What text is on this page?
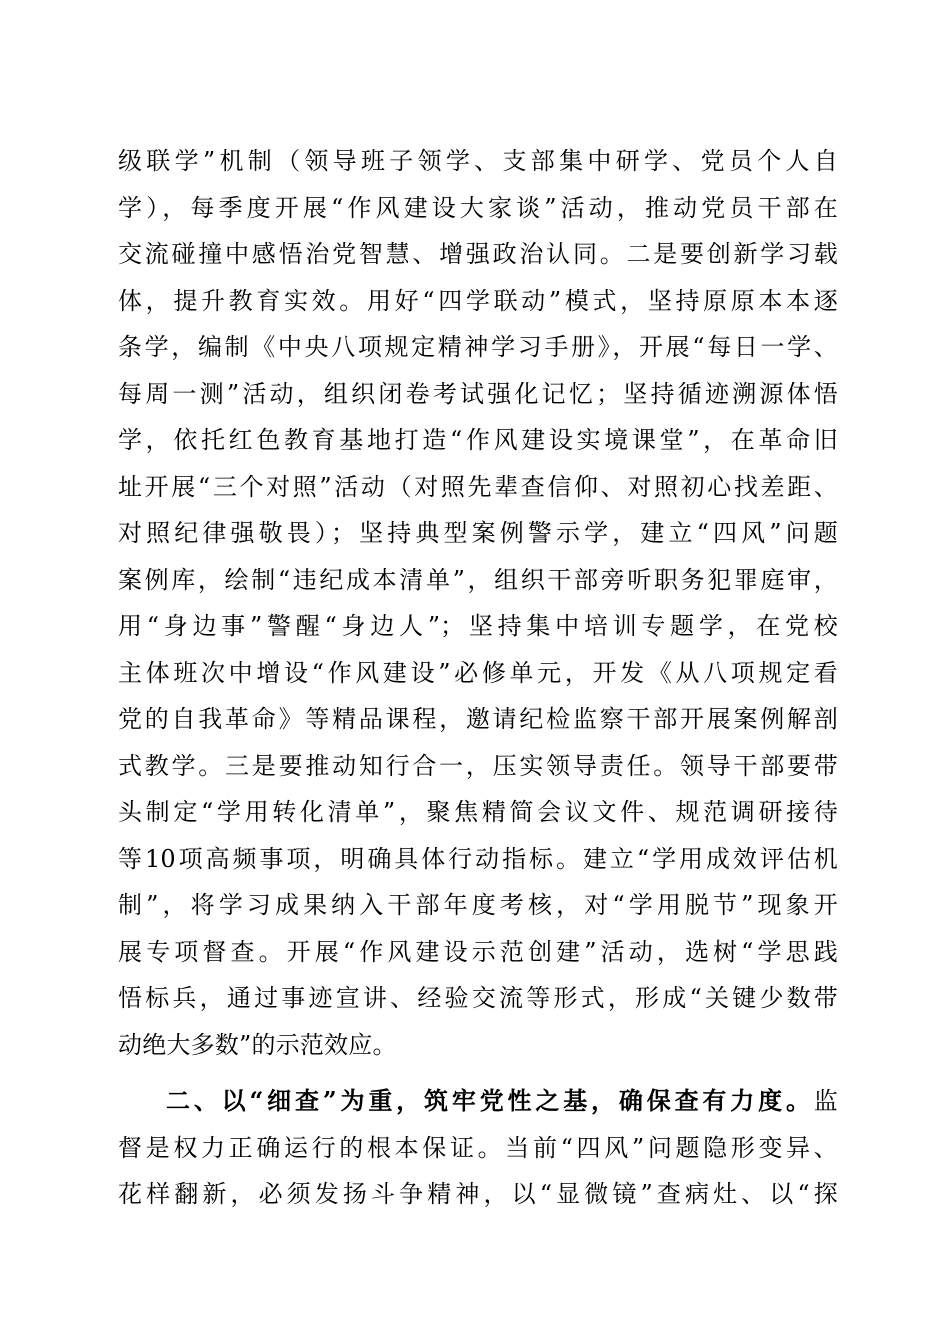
级联学”机制（领导班子领学、支部集中研学、党员个人自
学），每季度开展“作风建设大家谈”活动，推动党员干部在
交流碰撞中感悟治党智慧、增强政治认同。二是要创新学习载
体，提升教育实效。用好“四学联动”模式，坚持原原本本逐
条学，编制《中央八项规定精神学习手册》，开展“每日一学、
每周一测”活动，组织闭卷考试强化记忆；坚持循迹溯源体悟
学，依托红色教育基地打造“作风建设实境课堂”，在革命旧
址开展“三个对照”活动（对照先辈查信仰、对照初心找差距、
对照纪律强敬畏）；坚持典型案例警示学，建立“四风”问题
案例库，绘制“违纪成本清单”，组织干部旁听职务犯罪庭审，
用“身边事”警醒“身边人”；坚持集中培训专题学，在党校
主体班次中增设“作风建设”必修单元，开发《从八项规定看
党的自我革命》等精品课程，邀请纪检监察干部开展案例解剖
式教学。三是要推动知行合一，压实领导责任。领导干部要带
头制定“学用转化清单”，聚焦精简会议文件、规范调研接待
等10项高频事项，明确具体行动指标。建立“学用成效评估机
制”，将学习成果纳入干部年度考核，对“学用脱节”现象开
展专项督查。开展“作风建设示范创建”活动，选树“学思践
悟标兵，通过事迹宣讲、经验交流等形式，形成“关键少数带
动绝大多数”的示范效应。
二、以“细查”为重，筑牢党性之基，确保查有力度。监
督是权力正确运行的根本保证。当前“四风”问题隐形变异、
花样翻新，必须发扬斗争精神，以“显微镜”查病灶、以“探
